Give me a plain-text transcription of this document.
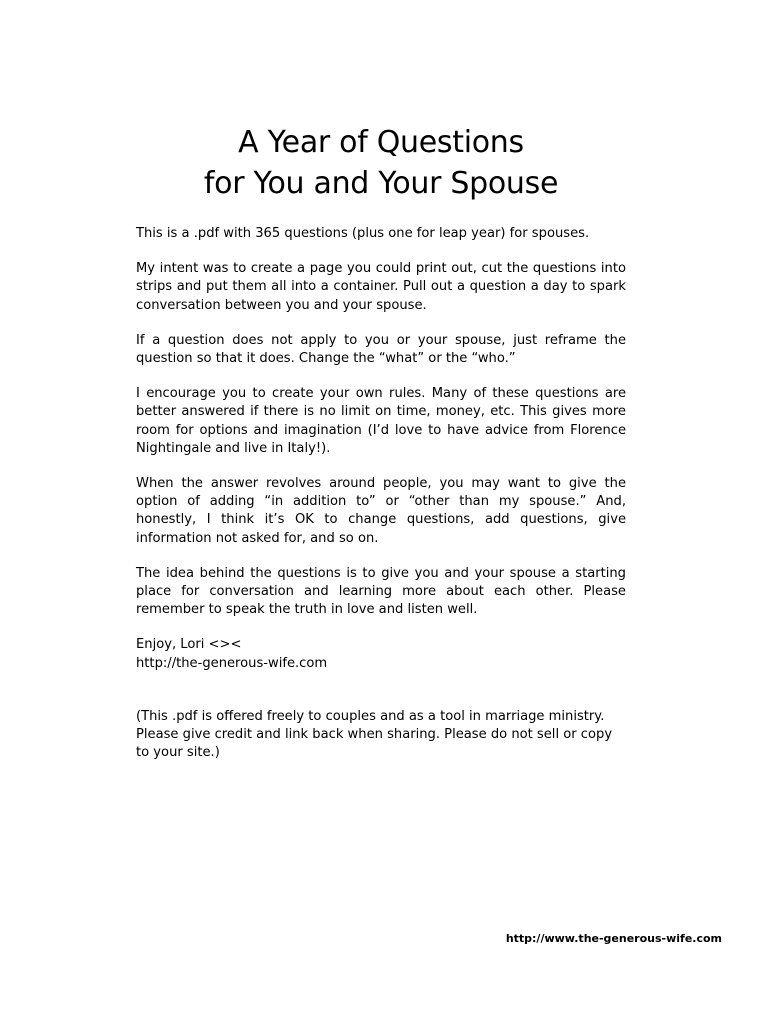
A Year of Questions
for You and Your Spouse

This is a .pdf with 365 questions (plus one for leap year) for spouses.

My intent was to create a page you could print out, cut the questions into strips and put them all into a container. Pull out a question a day to spark conversation between you and your spouse.

If a question does not apply to you or your spouse, just reframe the question so that it does. Change the “what” or the “who.”

I encourage you to create your own rules. Many of these questions are better answered if there is no limit on time, money, etc. This gives more room for options and imagination (I’d love to have advice from Florence Nightingale and live in Italy!).

When the answer revolves around people, you may want to give the option of adding “in addition to” or “other than my spouse.” And, honestly, I think it’s OK to change questions, add questions, give information not asked for, and so on.

The idea behind the questions is to give you and your spouse a starting place for conversation and learning more about each other. Please remember to speak the truth in love and listen well.

Enjoy, Lori <><
http://the-generous-wife.com

(This .pdf is offered freely to couples and as a tool in marriage ministry. Please give credit and link back when sharing. Please do not sell or copy to your site.)

http://www.the-generous-wife.com
